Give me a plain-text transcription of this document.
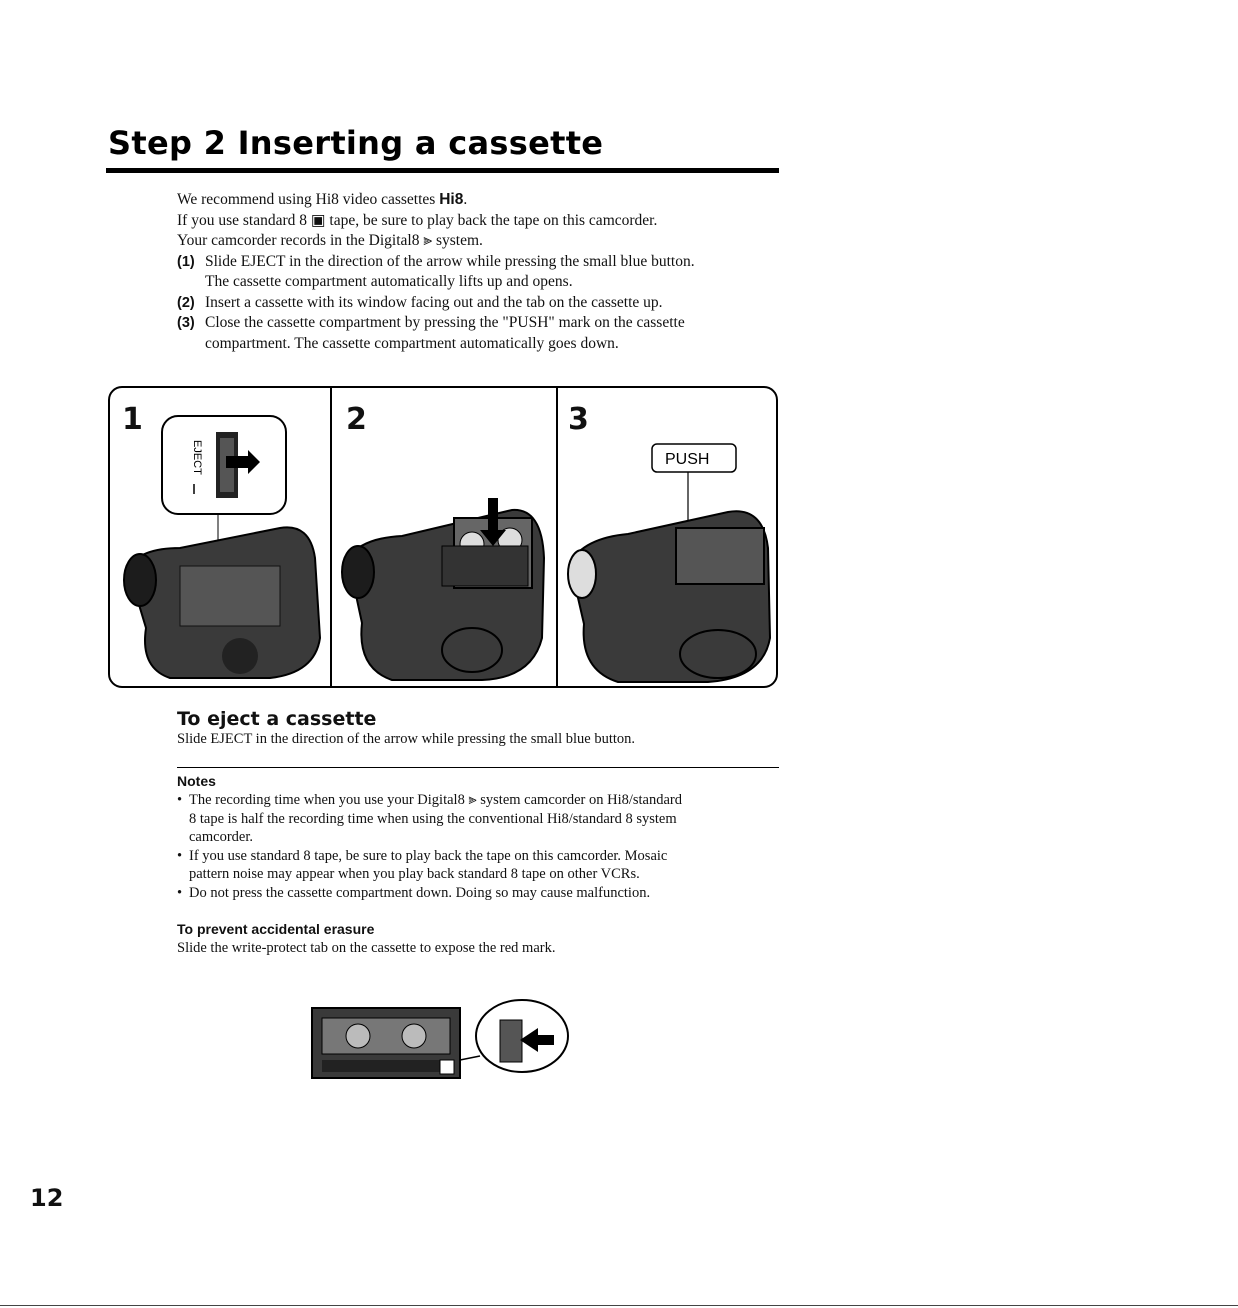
Step 2 Inserting a cassette

We recommend using Hi8 video cassettes Hi8.

If you use standard 8 ▣ tape, be sure to play back the tape on this camcorder.

Your camcorder records in the Digital8 ⫸ system.

(1) Slide EJECT in the direction of the arrow while pressing the small blue button.
The cassette compartment automatically lifts up and opens.
(2) Insert a cassette with its window facing out and the tab on the cassette up.
(3) Close the cassette compartment by pressing the "PUSH" mark on the cassette
compartment. The cassette compartment automatically goes down.
1
EJECT
2	3
PUSH
To eject a cassette
Slide EJECT in the direction of the arrow while pressing the small blue button.
Notes
• The recording time when you use your Digital8 ⫸ system camcorder on Hi8/standard
8 tape is half the recording time when using the conventional Hi8/standard 8 system
camcorder.
• If you use standard 8 tape, be sure to play back the tape on this camcorder. Mosaic
pattern noise may appear when you play back standard 8 tape on other VCRs.
• Do not press the cassette compartment down. Doing so may cause malfunction.
To prevent accidental erasure
Slide the write-protect tab on the cassette to expose the red mark.
12
